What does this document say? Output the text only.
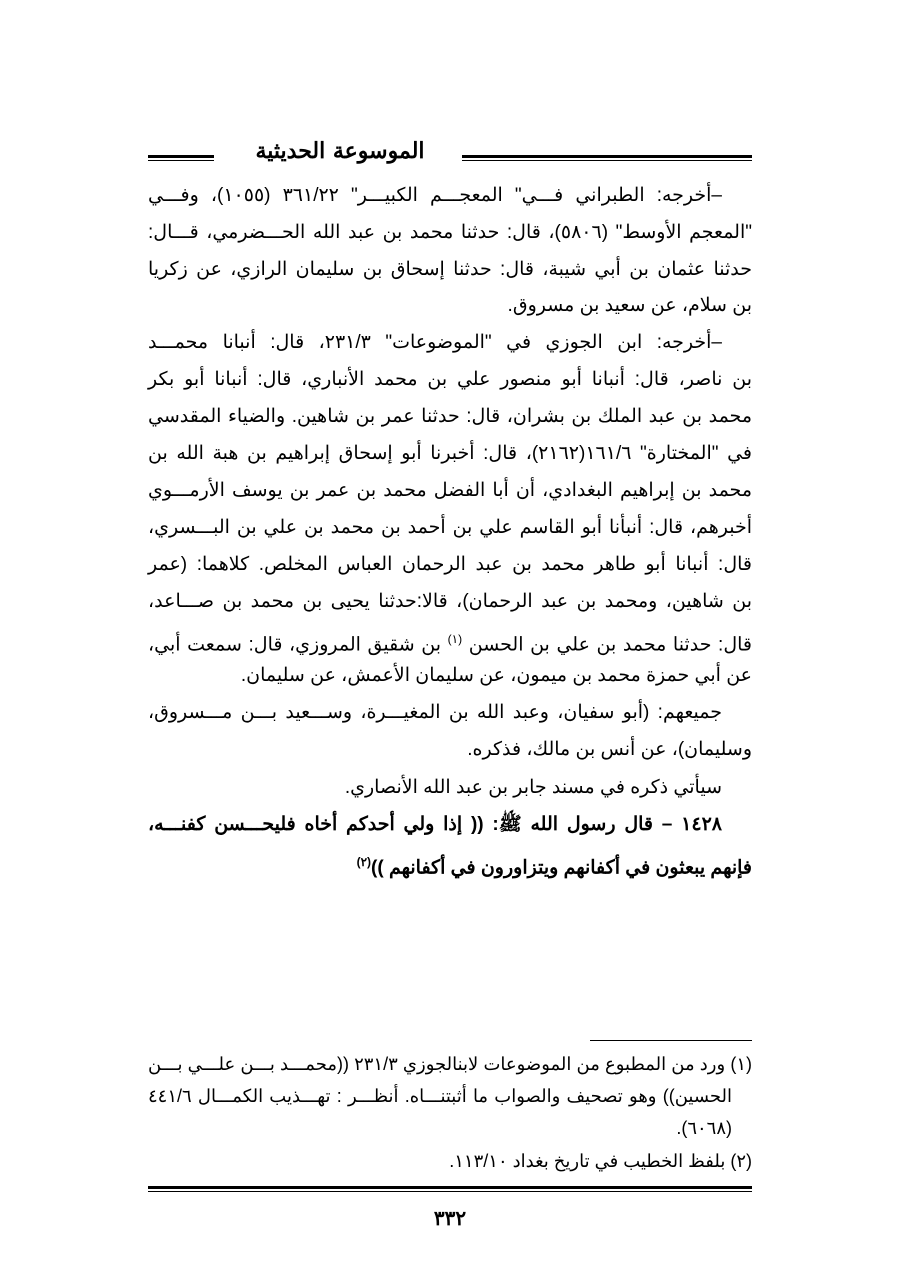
الموسوعة الحديثية
–أخرجه: الطبراني فـــي" المعجـــم الكبيـــر" ٣٦١/٢٢ (١٠٥٥)، وفـــي
"المعجم الأوسط" (٥٨٠٦)، قال: حدثنا محمد بن عبد الله الحـــضرمي، قـــال:
حدثنا عثمان بن أبي شيبة، قال: حدثنا إسحاق بن سليمان الرازي، عن زكريا
بن سلام، عن سعيد بن مسروق.
–أخرجه: ابن الجوزي في "الموضوعات" ٢٣١/٣، قال: أنبانا محمـــد
بن ناصر، قال: أنبانا أبو منصور علي بن محمد الأنباري، قال: أنبانا أبو بكر
محمد بن عبد الملك بن بشران، قال: حدثنا عمر بن شاهين. والضياء المقدسي
في "المختارة" ١٦١/٦(٢١٦٢)، قال: أخبرنا أبو إسحاق إبراهيم بن هبة الله بن
محمد بن إبراهيم البغدادي، أن أبا الفضل محمد بن عمر بن يوسف الأرمـــوي
أخبرهم، قال: أنبأنا أبو القاسم علي بن أحمد بن محمد بن علي بن البـــسري،
قال: أنبانا أبو طاهر محمد بن عبد الرحمان العباس المخلص. كلاهما: (عمر
بن شاهين، ومحمد بن عبد الرحمان)، قالا:حدثنا يحيى بن محمد بن صـــاعد،
قال: حدثنا محمد بن علي بن الحسن $^{(١)}$ بن شقيق المروزي، قال: سمعت أبي،
عن أبي حمزة محمد بن ميمون، عن سليمان الأعمش، عن سليمان.
جميعهم: (أبو سفيان، وعبد الله بن المغيـــرة، وســـعيد بـــن مـــسروق،
وسليمان)، عن أنس بن مالك، فذكره.
سيأتي ذكره في مسند جابر بن عبد الله الأنصاري.
١٤٢٨ – قال رسول الله ﷺ: (( إذا ولي أحدكم أخاه فليحـــسن كفنـــه،
فإنهم يبعثون في أكفانهم ويتزاورون في أكفانهم ))$^{(٢)}$
(١) ورد من المطبوع من الموضوعات لابنالجوزي ٢٣١/٣ ((محمـــد بـــن علـــي بـــن
الحسين)) وهو تصحيف والصواب ما أثبتنـــاه. أنظـــر : تهـــذيب الكمـــال ٤٤١/٦
(٦٠٦٨).
(٢) بلفظ الخطيب في تاريخ بغداد ١١٣/١٠.
٣٣٢
